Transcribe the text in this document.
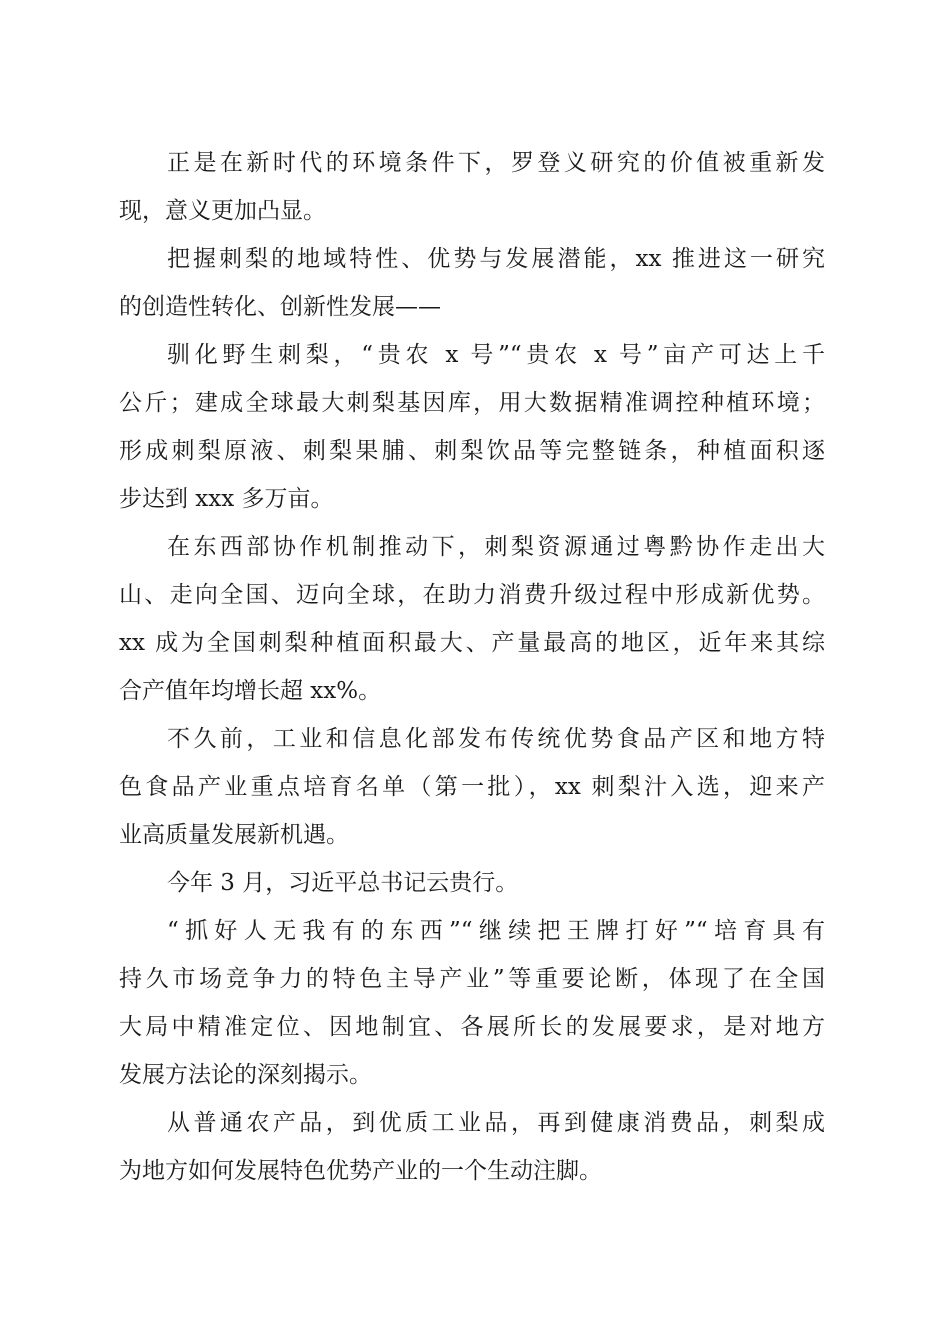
正是在新时代的环境条件下，罗登义研究的价值被重新发
现，意义更加凸显。
把握刺梨的地域特性、优势与发展潜能，xx 推进这一研究
的创造性转化、创新性发展——
驯化野生刺梨，“贵农 x 号”“贵农 x 号”亩产可达上千
公斤；建成全球最大刺梨基因库，用大数据精准调控种植环境；
形成刺梨原液、刺梨果脯、刺梨饮品等完整链条，种植面积逐
步达到 xxx 多万亩。
在东西部协作机制推动下，刺梨资源通过粤黔协作走出大
山、走向全国、迈向全球，在助力消费升级过程中形成新优势。
xx 成为全国刺梨种植面积最大、产量最高的地区，近年来其综
合产值年均增长超 xx%。
不久前，工业和信息化部发布传统优势食品产区和地方特
色食品产业重点培育名单（第一批），xx 刺梨汁入选，迎来产
业高质量发展新机遇。
今年 3 月，习近平总书记云贵行。
“抓好人无我有的东西”“继续把王牌打好”“培育具有
持久市场竞争力的特色主导产业”等重要论断，体现了在全国
大局中精准定位、因地制宜、各展所长的发展要求，是对地方
发展方法论的深刻揭示。
从普通农产品，到优质工业品，再到健康消费品，刺梨成
为地方如何发展特色优势产业的一个生动注脚。
